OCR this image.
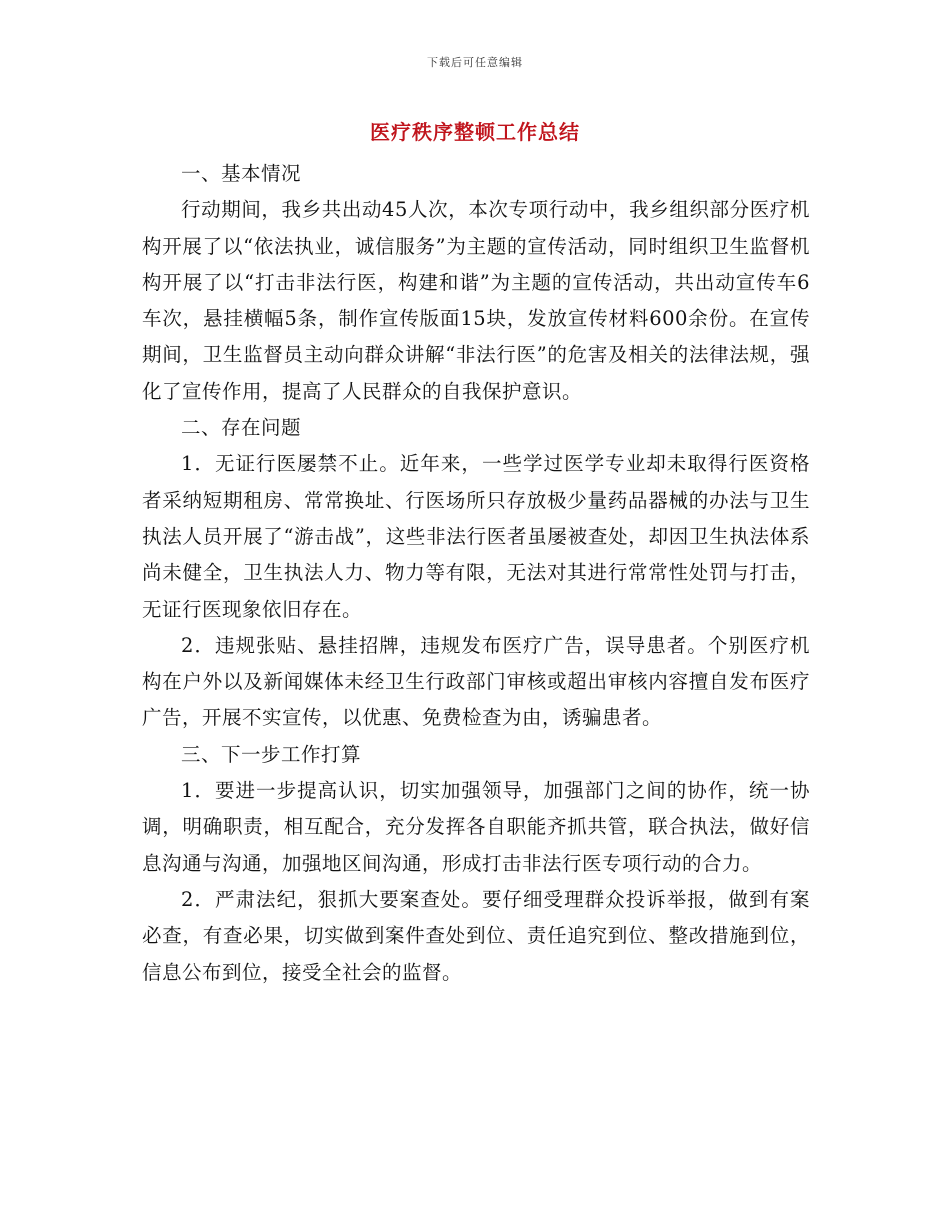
下载后可任意编辑
医疗秩序整顿工作总结

一、基本情况

行动期间，我乡共出动45人次，本次专项行动中，我乡组织部分医疗机构开展了以“依法执业，诚信服务”为主题的宣传活动，同时组织卫生监督机构开展了以“打击非法行医，构建和谐”为主题的宣传活动，共出动宣传车6车次，悬挂横幅5条，制作宣传版面15块，发放宣传材料600余份。在宣传期间，卫生监督员主动向群众讲解“非法行医”的危害及相关的法律法规，强化了宣传作用，提高了人民群众的自我保护意识。

二、存在问题

1．无证行医屡禁不止。近年来，一些学过医学专业却未取得行医资格者采纳短期租房、常常换址、行医场所只存放极少量药品器械的办法与卫生执法人员开展了“游击战”，这些非法行医者虽屡被查处，却因卫生执法体系尚未健全，卫生执法人力、物力等有限，无法对其进行常常性处罚与打击，无证行医现象依旧存在。

2．违规张贴、悬挂招牌，违规发布医疗广告，误导患者。个别医疗机构在户外以及新闻媒体未经卫生行政部门审核或超出审核内容擅自发布医疗广告，开展不实宣传，以优惠、免费检查为由，诱骗患者。

三、下一步工作打算

1．要进一步提高认识，切实加强领导，加强部门之间的协作，统一协调，明确职责，相互配合，充分发挥各自职能齐抓共管，联合执法，做好信息沟通与沟通，加强地区间沟通，形成打击非法行医专项行动的合力。

2．严肃法纪，狠抓大要案查处。要仔细受理群众投诉举报，做到有案必查，有查必果，切实做到案件查处到位、责任追究到位、整改措施到位，信息公布到位，接受全社会的监督。
